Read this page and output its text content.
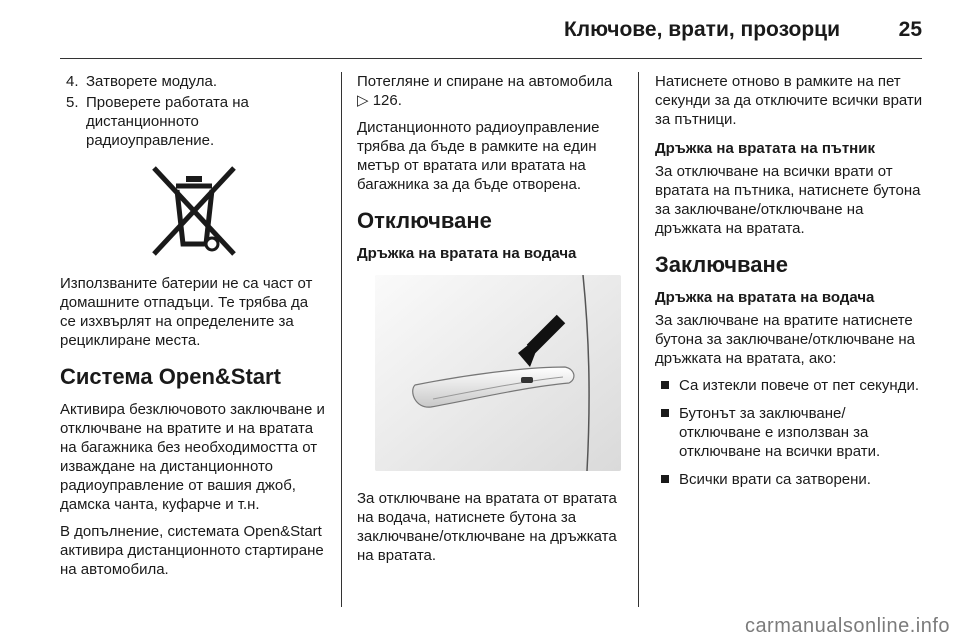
Ключове, врати, прозорци	25
4. Затворете модула.
5. Проверете работата на дистанционното радиоуправление.

Използваните батерии не са част от домашните отпадъци. Те трябва да се изхвърлят на определените за рециклиране места.

Система Open&Start

Активира безключовото заключване и отключване на вратите и на вратата на багажника без необходимостта от изваждане на дистанционното радиоуправление от вашия джоб, дамска чанта, куфарче и т.н.

В допълнение, системата Open&Start активира дистанционното стартиране на автомобила.

Потегляне и спиране на автомобила ▷ 126.

Дистанционното радиоуправление трябва да бъде в рамките на един метър от вратата или вратата на багажника за да бъде отворена.

Отключване
Дръжка на вратата на водача

За отключване на вратата от вратата на водача, натиснете бутона за заключване/отключване на дръжката на вратата.

Натиснете отново в рамките на пет секунди за да отключите всички врати за пътници.

Дръжка на вратата на пътник

За отключване на всички врати от вратата на пътника, натиснете бутона за заключване/отключване на дръжката на вратата.

Заключване
Дръжка на вратата на водача

За заключване на вратите натиснете бутона за заключване/отключване на дръжката на вратата, ако:

Са изтекли повече от пет секунди.
Бутонът за заключване/отключване е използван за отключване на всички врати.
Всички врати са затворени.
carmanualsonline.info
